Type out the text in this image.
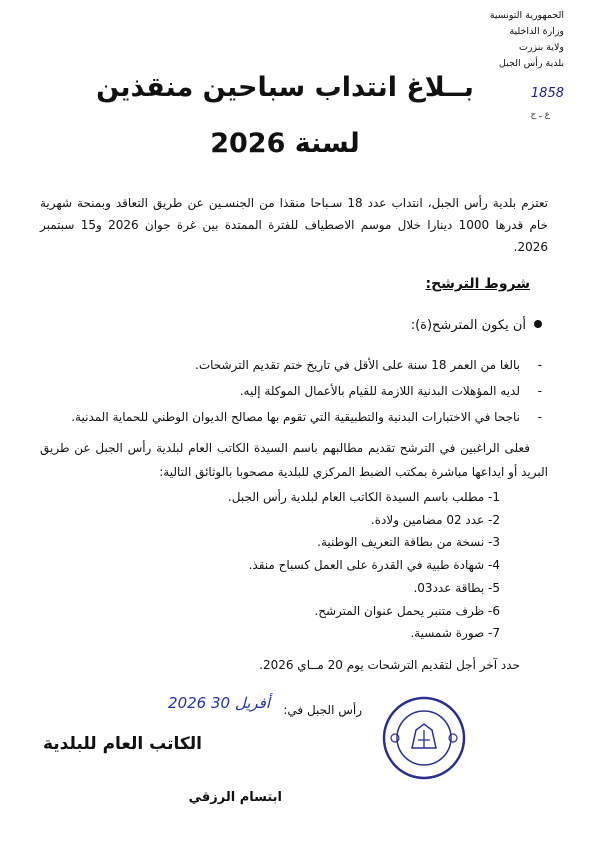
الجمهورية التونسية
وزارة الداخلية
ولاية بنزرت
بلدية رأس الجبل
1858
ع ـ ج
بــلاغ انتداب سباحين منقذين
لسنة 2026
تعتزم بلدية رأس الجبل، انتداب عدد 18 سـباحا منقذا من الجنسـين عن طريق التعاقد وبمنحة شهرية خام قدرها 1000 دينارا خلال موسم الاصطياف للفترة الممتدة بين غرة جوان 2026 و15 سبتمبر 2026.
شروط الترشح:
أن يكون المترشح(ة):
-بالغا من العمر 18 سنة على الأقل في تاريخ ختم تقديم الترشحات.
-لديه المؤهلات البدنية اللازمة للقيام بالأعمال الموكلة إليه.
-ناجحا في الاختبارات البدنية والتطبيقية التي تقوم بها مصالح الديوان الوطني للحماية المدنية.
فعلى الراغبين في الترشح تقديم مطالبهم باسم السيدة الكاتب العام لبلدية رأس الجبل عن طريق البريد أو ايداعها مباشرة بمكتب الضبط المركزي للبلدية مصحوبا بالوثائق التالية:
1- مطلب باسم السيدة الكاتب العام لبلدية رأس الجبل.
2- عدد 02 مضامين ولادة.
3- نسخة من بطاقة التعريف الوطنية.
4- شهادة طبية في القدرة على العمل كسباح منقذ.
5- بطاقة عدد03.
6- ظرف متنبر يحمل عنوان المترشح.
7- صورة شمسية.
حدد آخر أجل لتقديم الترشحات يوم 20 مــاي 2026.
رأس الجبل في:
2026 أفريل 30
الكاتب العام للبلدية
ابتسام الرزقي
